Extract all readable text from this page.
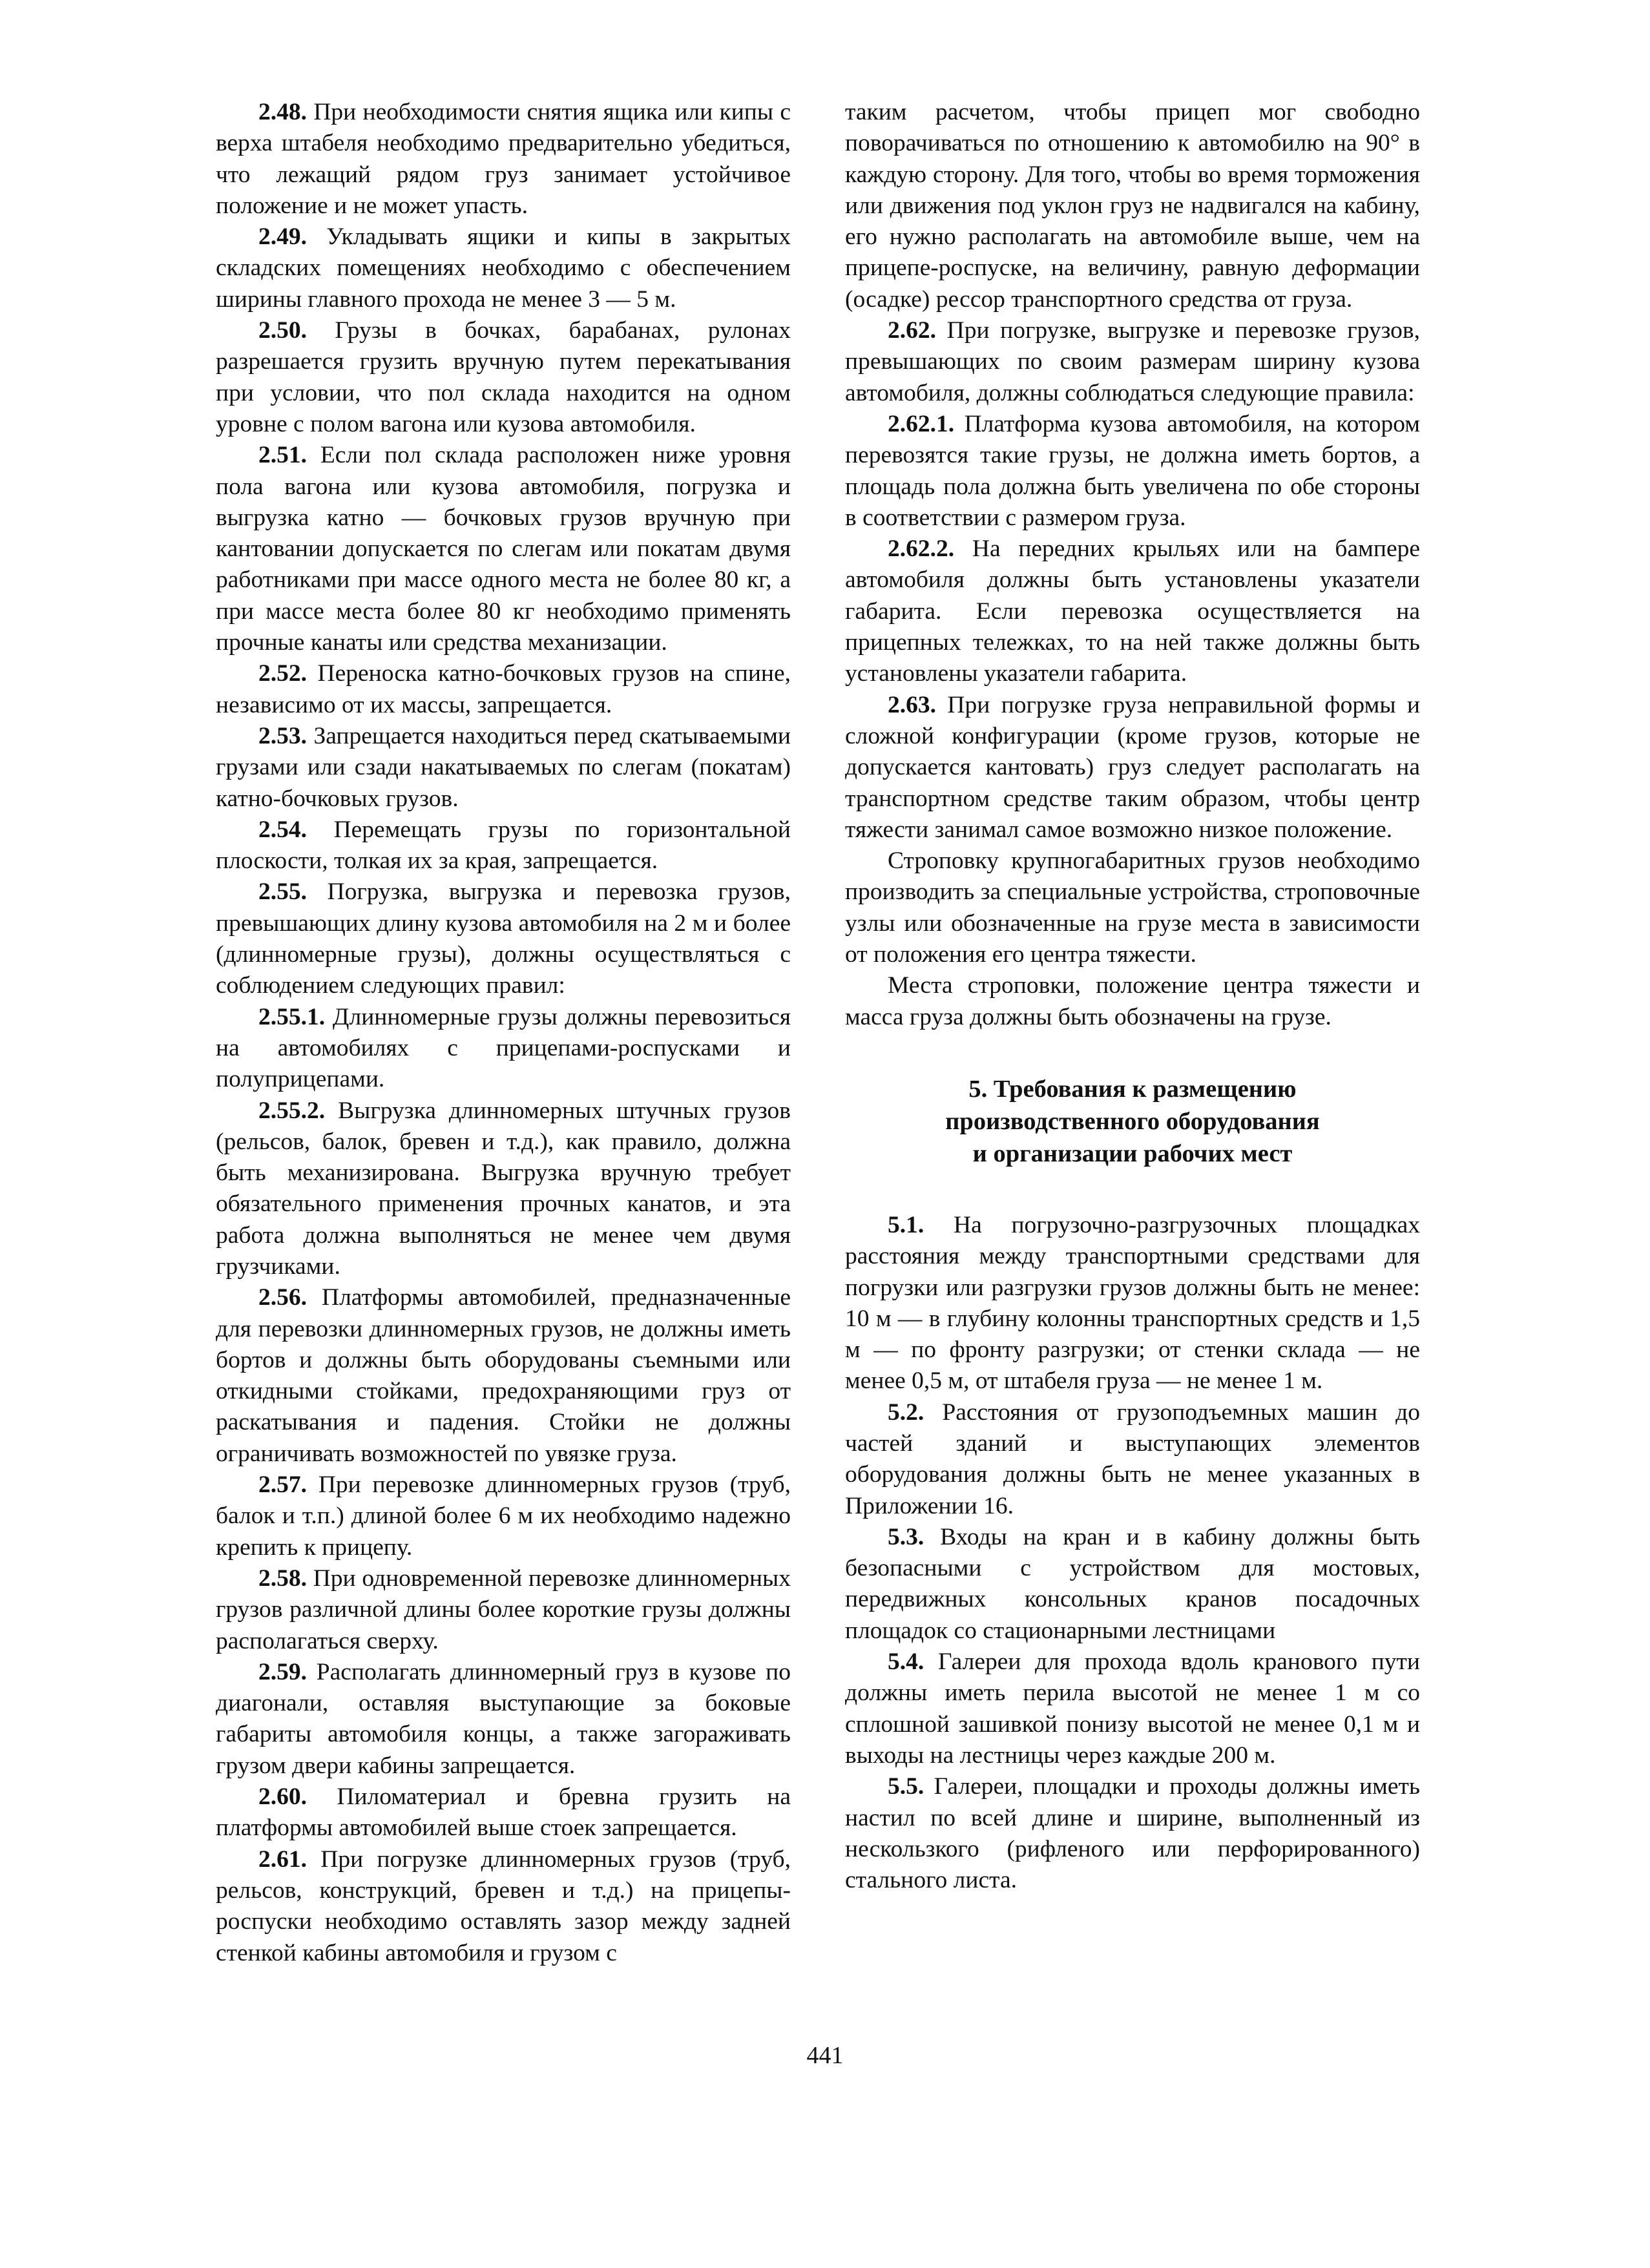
2.48. При необходимости снятия ящика или кипы с верха штабеля необходимо предварительно убедиться, что лежащий рядом груз занимает устойчивое положение и не может упасть.

2.49. Укладывать ящики и кипы в закрытых складских помещениях необходимо с обеспечением ширины главного прохода не менее 3 — 5 м.

2.50. Грузы в бочках, барабанах, рулонах разрешается грузить вручную путем перекатывания при условии, что пол склада находится на одном уровне с полом вагона или кузова автомобиля.

2.51. Если пол склада расположен ниже уровня пола вагона или кузова автомобиля, погрузка и выгрузка катно — бочковых грузов вручную при кантовании допускается по слегам или покатам двумя работниками при массе одного места не более 80 кг, а при массе места более 80 кг необходимо применять прочные канаты или средства механизации.

2.52. Переноска катно-бочковых грузов на спине, независимо от их массы, запрещается.

2.53. Запрещается находиться перед скатываемыми грузами или сзади накатываемых по слегам (покатам) катно-бочковых грузов.

2.54. Перемещать грузы по горизонтальной плоскости, толкая их за края, запрещается.

2.55. Погрузка, выгрузка и перевозка грузов, превышающих длину кузова автомобиля на 2 м и более (длинномерные грузы), должны осуществляться с соблюдением следующих правил:

2.55.1. Длинномерные грузы должны перевозиться на автомобилях с прицепами-роспусками и полуприцепами.

2.55.2. Выгрузка длинномерных штучных грузов (рельсов, балок, бревен и т.д.), как правило, должна быть механизирована. Выгрузка вручную требует обязательного применения прочных канатов, и эта работа должна выполняться не менее чем двумя грузчиками.

2.56. Платформы автомобилей, предназначенные для перевозки длинномерных грузов, не должны иметь бортов и должны быть оборудованы съемными или откидными стойками, предохраняющими груз от раскатывания и падения. Стойки не должны ограничивать возможностей по увязке груза.

2.57. При перевозке длинномерных грузов (труб, балок и т.п.) длиной более 6 м их необходимо надежно крепить к прицепу.

2.58. При одновременной перевозке длинномерных грузов различной длины более короткие грузы должны располагаться сверху.

2.59. Располагать длинномерный груз в кузове по диагонали, оставляя выступающие за боковые габариты автомобиля концы, а также загораживать грузом двери кабины запрещается.

2.60. Пиломатериал и бревна грузить на платформы автомобилей выше стоек запрещается.

2.61. При погрузке длинномерных грузов (труб, рельсов, конструкций, бревен и т.д.) на прицепы-роспуски необходимо оставлять зазор между задней стенкой кабины автомобиля и грузом с

таким расчетом, чтобы прицеп мог свободно поворачиваться по отношению к автомобилю на 90° в каждую сторону. Для того, чтобы во время торможения или движения под уклон груз не надвигался на кабину, его нужно располагать на автомобиле выше, чем на прицепе-роспуске, на величину, равную деформации (осадке) рессор транспортного средства от груза.

2.62. При погрузке, выгрузке и перевозке грузов, превышающих по своим размерам ширину кузова автомобиля, должны соблюдаться следующие правила:

2.62.1. Платформа кузова автомобиля, на котором перевозятся такие грузы, не должна иметь бортов, а площадь пола должна быть увеличена по обе стороны в соответствии с размером груза.

2.62.2. На передних крыльях или на бампере автомобиля должны быть установлены указатели габарита. Если перевозка осуществляется на прицепных тележках, то на ней также должны быть установлены указатели габарита.

2.63. При погрузке груза неправильной формы и сложной конфигурации (кроме грузов, которые не допускается кантовать) груз следует располагать на транспортном средстве таким образом, чтобы центр тяжести занимал самое возможно низкое положение.

Строповку крупногабаритных грузов необходимо производить за специальные устройства, строповочные узлы или обозначенные на грузе места в зависимости от положения его центра тяжести.

Места строповки, положение центра тяжести и масса груза должны быть обозначены на грузе.

5. Требования к размещению
производственного оборудования
и организации рабочих мест

5.1. На погрузочно-разгрузочных площадках расстояния между транспортными средствами для погрузки или разгрузки грузов должны быть не менее: 10 м — в глубину колонны транспортных средств и 1,5 м — по фронту разгрузки; от стенки склада — не менее 0,5 м, от штабеля груза — не менее 1 м.

5.2. Расстояния от грузоподъемных машин до частей зданий и выступающих элементов оборудования должны быть не менее указанных в Приложении 16.

5.3. Входы на кран и в кабину должны быть безопасными с устройством для мостовых, передвижных консольных кранов посадочных площадок со стационарными лестницами

5.4. Галереи для прохода вдоль кранового пути должны иметь перила высотой не менее 1 м со сплошной зашивкой понизу высотой не менее 0,1 м и выходы на лестницы через каждые 200 м.

5.5. Галереи, площадки и проходы должны иметь настил по всей длине и ширине, выполненный из нескользкого (рифленого или перфорированного) стального листа.

441
